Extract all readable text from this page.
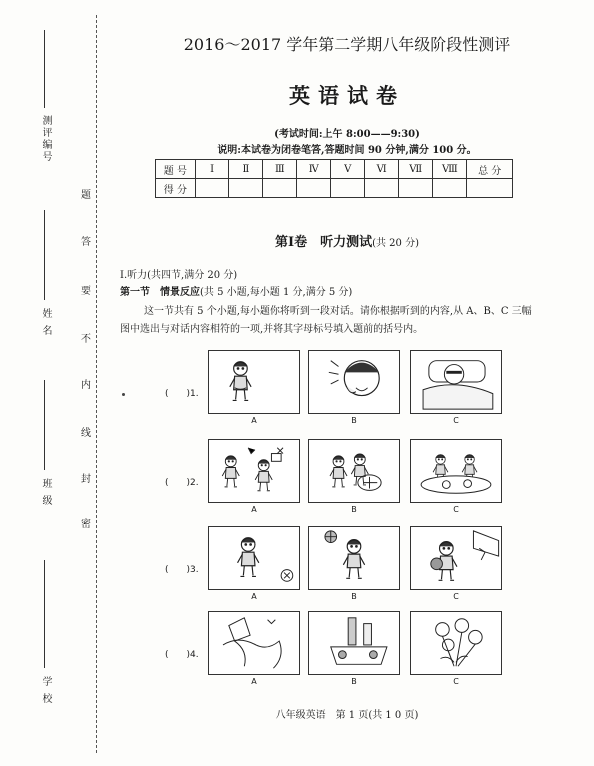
测评编号
姓 名
班 级
学 校
题
答
要
不
内
线
封
密
2016～2017 学年第二学期八年级阶段性测评
英语试卷
(考试时间:上午 8:00——9:30)
说明:本试卷为闭卷笔答,答题时间 90 分钟,满分 100 分。
题 号	Ⅰ	Ⅱ	Ⅲ	Ⅳ	Ⅴ	Ⅵ	Ⅶ	Ⅷ	总 分
得 分									
第Ⅰ卷　听力测试(共 20 分)
Ⅰ.听力(共四节,满分 20 分)
第一节　情景反应(共 5 小题,每小题 1 分,满分 5 分)
这一节共有 5 个小题,每小题你将听到一段对话。请你根据听到的内容,从 A、B、C 三幅
图中选出与对话内容相符的一项,并将其字母标号填入题前的括号内。
(　　)1.
A	B	C
(　　)2.
A	B	C
(　　)3.
A	B	C
(　　)4.
A	B	C
八年级英语　第 1 页(共 1 0 页)
